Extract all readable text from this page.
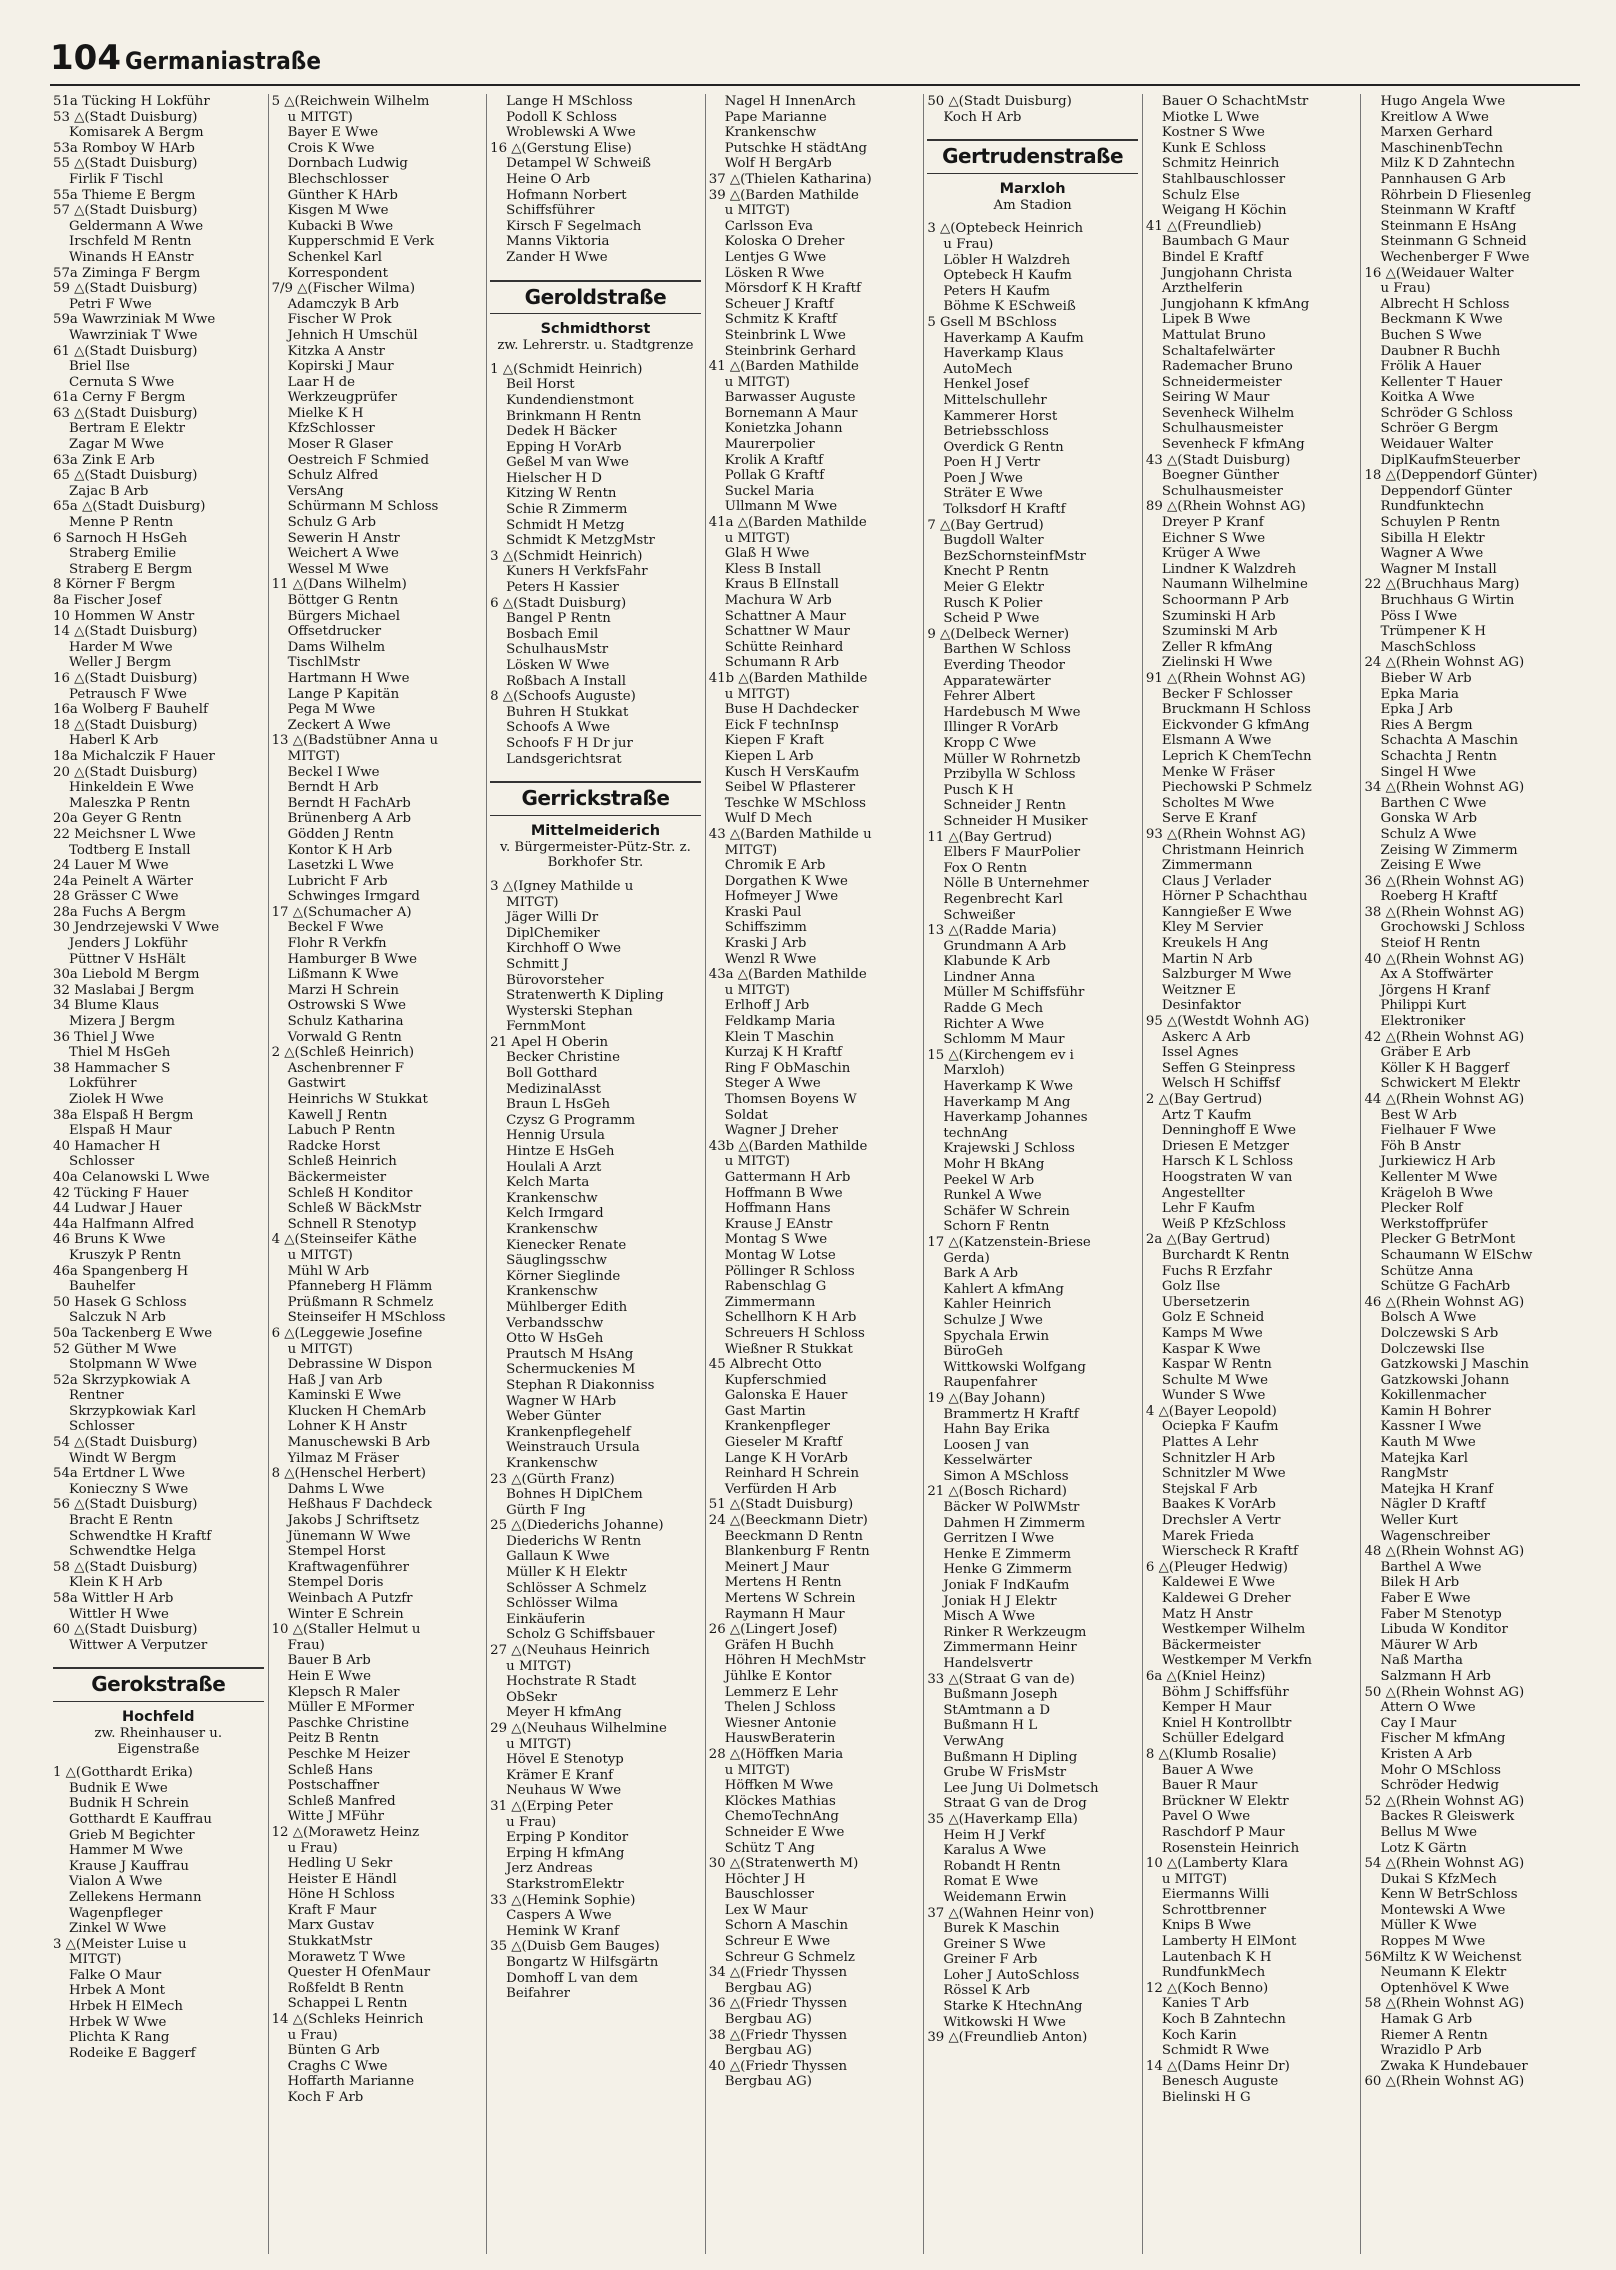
104 Germaniastraße
51a Tücking H Lokführ
53 △(Stadt Duisburg)
Komisarek A Bergm
53a Romboy W HArb
55 △(Stadt Duisburg)
Firlik F Tischl
55a Thieme E Bergm
57 △(Stadt Duisburg)
Geldermann A Wwe
Irschfeld M Rentn
Winands H EAnstr
57a Ziminga F Bergm
59 △(Stadt Duisburg)
Petri F Wwe
59a Wawrziniak M Wwe
Wawrziniak T Wwe
61 △(Stadt Duisburg)
Briel Ilse
Cernuta S Wwe
61a Cerny F Bergm
63 △(Stadt Duisburg)
Bertram E Elektr
Zagar M Wwe
63a Zink E Arb
65 △(Stadt Duisburg)
Zajac B Arb
65a △(Stadt Duisburg)
Menne P Rentn
6 Sarnoch H HsGeh
Straberg Emilie
Straberg E Bergm
8 Körner F Bergm
8a Fischer Josef
10 Hommen W Anstr
14 △(Stadt Duisburg)
Harder M Wwe
Weller J Bergm
16 △(Stadt Duisburg)
Petrausch F Wwe
16a Wolberg F Bauhelf
18 △(Stadt Duisburg)
Haberl K Arb
18a Michalczik F Hauer
20 △(Stadt Duisburg)
Hinkeldein E Wwe
Maleszka P Rentn
20a Geyer G Rentn
22 Meichsner L Wwe
Todtberg E Install
24 Lauer M Wwe
24a Peinelt A Wärter
28 Grässer C Wwe
28a Fuchs A Bergm
30 Jendrzejewski V Wwe
Jenders J Lokführ
Püttner V HsHält
30a Liebold M Bergm
32 Maslabai J Bergm
34 Blume Klaus
Mizera J Bergm
36 Thiel J Wwe
Thiel M HsGeh
38 Hammacher S
Lokführer
Ziolek H Wwe
38a Elspaß H Bergm
Elspaß H Maur
40 Hamacher H
Schlosser
40a Celanowski L Wwe
42 Tücking F Hauer
44 Ludwar J Hauer
44a Halfmann Alfred
46 Bruns K Wwe
Kruszyk P Rentn
46a Spangenberg H
Bauhelfer
50 Hasek G Schloss
Salczuk N Arb
50a Tackenberg E Wwe
52 Güther M Wwe
Stolpmann W Wwe
52a Skrzypkowiak A
Rentner
Skrzypkowiak Karl
Schlosser
54 △(Stadt Duisburg)
Windt W Bergm
54a Ertdner L Wwe
Konieczny S Wwe
56 △(Stadt Duisburg)
Bracht E Rentn
Schwendtke H Kraftf
Schwendtke Helga
58 △(Stadt Duisburg)
Klein K H Arb
58a Wittler H Arb
Wittler H Wwe
60 △(Stadt Duisburg)
Wittwer A Verputzer
Gerokstraße
Hochfeld
zw. Rheinhauser u. Eigenstraße
1 △(Gotthardt Erika)
Budnik E Wwe
Budnik H Schrein
Gotthardt E Kauffrau
Grieb M Begichter
Hammer M Wwe
Krause J Kauffrau
Vialon A Wwe
Zellekens Hermann
Wagenpfleger
Zinkel W Wwe
3 △(Meister Luise u
MITGT)
Falke O Maur
Hrbek A Mont
Hrbek H ElMech
Hrbek W Wwe
Plichta K Rang
Rodeike E Baggerf
5 △(Reichwein Wilhelm
u MITGT)
Bayer E Wwe
Crois K Wwe
Dornbach Ludwig
Blechschlosser
Günther K HArb
Kisgen M Wwe
Kubacki B Wwe
Kupperschmid E Verk
Schenkel Karl
Korrespondent
7/9 △(Fischer Wilma)
Adamczyk B Arb
Fischer W Prok
Jehnich H Umschül
Kitzka A Anstr
Kopirski J Maur
Laar H de
Werkzeugprüfer
Mielke K H
KfzSchlosser
Moser R Glaser
Oestreich F Schmied
Schulz Alfred
VersAng
Schürmann M Schloss
Schulz G Arb
Sewerin H Anstr
Weichert A Wwe
Wessel M Wwe
11 △(Dans Wilhelm)
Böttger G Rentn
Bürgers Michael
Offsetdrucker
Dams Wilhelm
TischlMstr
Hartmann H Wwe
Lange P Kapitän
Pega M Wwe
Zeckert A Wwe
13 △(Badstübner Anna u
MITGT)
Beckel I Wwe
Berndt H Arb
Berndt H FachArb
Brünenberg A Arb
Gödden J Rentn
Kontor K H Arb
Lasetzki L Wwe
Lubricht F Arb
Schwinges Irmgard
17 △(Schumacher A)
Beckel F Wwe
Flohr R Verkfn
Hamburger B Wwe
Lißmann K Wwe
Marzi H Schrein
Ostrowski S Wwe
Schulz Katharina
Vorwald G Rentn
2 △(Schleß Heinrich)
Aschenbrenner F
Gastwirt
Heinrichs W Stukkat
Kawell J Rentn
Labuch P Rentn
Radcke Horst
Schleß Heinrich
Bäckermeister
Schleß H Konditor
Schleß W BäckMstr
Schnell R Stenotyp
4 △(Steinseifer Käthe
u MITGT)
Mühl W Arb
Pfanneberg H Flämm
Prüßmann R Schmelz
Steinseifer H MSchloss
6 △(Leggewie Josefine
u MITGT)
Debrassine W Dispon
Haß J van Arb
Kaminski E Wwe
Klucken H ChemArb
Lohner K H Anstr
Manuschewski B Arb
Yilmaz M Fräser
8 △(Henschel Herbert)
Dahms L Wwe
Heßhaus F Dachdeck
Jakobs J Schriftsetz
Jünemann W Wwe
Stempel Horst
Kraftwagenführer
Stempel Doris
Weinbach A Putzfr
Winter E Schrein
10 △(Staller Helmut u
Frau)
Bauer B Arb
Hein E Wwe
Klepsch R Maler
Müller E MFormer
Paschke Christine
Peitz B Rentn
Peschke M Heizer
Schleß Hans
Postschaffner
Schleß Manfred
Witte J MFühr
12 △(Morawetz Heinz
u Frau)
Hedling U Sekr
Heister E Händl
Höne H Schloss
Kraft F Maur
Marx Gustav
StukkatMstr
Morawetz T Wwe
Quester H OfenMaur
Roßfeldt B Rentn
Schappei L Rentn
14 △(Schleks Heinrich
u Frau)
Bünten G Arb
Craghs C Wwe
Hoffarth Marianne
Koch F Arb
Lange H MSchloss
Podoll K Schloss
Wroblewski A Wwe
16 △(Gerstung Elise)
Detampel W Schweiß
Heine O Arb
Hofmann Norbert
Schiffsführer
Kirsch F Segelmach
Manns Viktoria
Zander H Wwe
Geroldstraße
Schmidthorst
zw. Lehrerstr. u. Stadtgrenze
1 △(Schmidt Heinrich)
Beil Horst
Kundendienstmont
Brinkmann H Rentn
Dedek H Bäcker
Epping H VorArb
Geßel M van Wwe
Hielscher H D
Kitzing W Rentn
Schie R Zimmerm
Schmidt H Metzg
Schmidt K MetzgMstr
3 △(Schmidt Heinrich)
Kuners H VerkfsFahr
Peters H Kassier
6 △(Stadt Duisburg)
Bangel P Rentn
Bosbach Emil
SchulhausMstr
Lösken W Wwe
Roßbach A Install
8 △(Schoofs Auguste)
Buhren H Stukkat
Schoofs A Wwe
Schoofs F H Dr jur
Landsgerichtsrat
Gerrickstraße
Mittelmeiderich
v. Bürgermeister-Pütz-Str. z. Borkhofer Str.
3 △(Igney Mathilde u
MITGT)
Jäger Willi Dr
DiplChemiker
Kirchhoff O Wwe
Schmitt J
Bürovorsteher
Stratenwerth K Dipling
Wysterski Stephan
FernmMont
21 Apel H Oberin
Becker Christine
Boll Gotthard
MedizinalAsst
Braun L HsGeh
Czysz G Programm
Hennig Ursula
Hintze E HsGeh
Houlali A Arzt
Kelch Marta
Krankenschw
Kelch Irmgard
Krankenschw
Kienecker Renate
Säuglingsschw
Körner Sieglinde
Krankenschw
Mühlberger Edith
Verbandsschw
Otto W HsGeh
Prautsch M HsAng
Schermuckenies M
Stephan R Diakonniss
Wagner W HArb
Weber Günter
Krankenpflegehelf
Weinstrauch Ursula
Krankenschw
23 △(Gürth Franz)
Bohnes H DiplChem
Gürth F Ing
25 △(Diederichs Johanne)
Diederichs W Rentn
Gallaun K Wwe
Müller K H Elektr
Schlösser A Schmelz
Schlösser Wilma
Einkäuferin
Scholz G Schiffsbauer
27 △(Neuhaus Heinrich
u MITGT)
Hochstrate R Stadt
ObSekr
Meyer H kfmAng
29 △(Neuhaus Wilhelmine
u MITGT)
Hövel E Stenotyp
Krämer E Kranf
Neuhaus W Wwe
31 △(Erping Peter
u Frau)
Erping P Konditor
Erping H kfmAng
Jerz Andreas
StarkstromElektr
33 △(Hemink Sophie)
Caspers A Wwe
Hemink W Kranf
35 △(Duisb Gem Bauges)
Bongartz W Hilfsgärtn
Domhoff L van dem
Beifahrer
Nagel H InnenArch
Pape Marianne
Krankenschw
Putschke H städtAng
Wolf H BergArb
37 △(Thielen Katharina)
39 △(Barden Mathilde
u MITGT)
Carlsson Eva
Koloska O Dreher
Lentjes G Wwe
Lösken R Wwe
Mörsdorf K H Kraftf
Scheuer J Kraftf
Schmitz K Kraftf
Steinbrink L Wwe
Steinbrink Gerhard
41 △(Barden Mathilde
u MITGT)
Barwasser Auguste
Bornemann A Maur
Konietzka Johann
Maurerpolier
Krolik A Kraftf
Pollak G Kraftf
Suckel Maria
Ullmann M Wwe
41a △(Barden Mathilde
u MITGT)
Glaß H Wwe
Kless B Install
Kraus B ElInstall
Machura W Arb
Schattner A Maur
Schattner W Maur
Schütte Reinhard
Schumann R Arb
41b △(Barden Mathilde
u MITGT)
Buse H Dachdecker
Eick F technInsp
Kiepen F Kraft
Kiepen L Arb
Kusch H VersKaufm
Seibel W Pflasterer
Teschke W MSchloss
Wulf D Mech
43 △(Barden Mathilde u
MITGT)
Chromik E Arb
Dorgathen K Wwe
Hofmeyer J Wwe
Kraski Paul
Schiffszimm
Kraski J Arb
Wenzl R Wwe
43a △(Barden Mathilde
u MITGT)
Erlhoff J Arb
Feldkamp Maria
Klein T Maschin
Kurzaj K H Kraftf
Ring F ObMaschin
Steger A Wwe
Thomsen Boyens W
Soldat
Wagner J Dreher
43b △(Barden Mathilde
u MITGT)
Gattermann H Arb
Hoffmann B Wwe
Hoffmann Hans
Krause J EAnstr
Montag S Wwe
Montag W Lotse
Pöllinger R Schloss
Rabenschlag G
Zimmermann
Schellhorn K H Arb
Schreuers H Schloss
Wießner R Stukkat
45 Albrecht Otto
Kupferschmied
Galonska E Hauer
Gast Martin
Krankenpfleger
Gieseler M Kraftf
Lange K H VorArb
Reinhard H Schrein
Verfürden H Arb
51 △(Stadt Duisburg)
24 △(Beeckmann Dietr)
Beeckmann D Rentn
Blankenburg F Rentn
Meinert J Maur
Mertens H Rentn
Mertens W Schrein
Raymann H Maur
26 △(Lingert Josef)
Gräfen H Buchh
Höhren H MechMstr
Jühlke E Kontor
Lemmerz E Lehr
Thelen J Schloss
Wiesner Antonie
HauswBeraterin
28 △(Höffken Maria
u MITGT)
Höffken M Wwe
Klöckes Mathias
ChemoTechnAng
Schneider E Wwe
Schütz T Ang
30 △(Stratenwerth M)
Höchter J H
Bauschlosser
Lex W Maur
Schorn A Maschin
Schreur E Wwe
Schreur G Schmelz
34 △(Friedr Thyssen
Bergbau AG)
36 △(Friedr Thyssen
Bergbau AG)
38 △(Friedr Thyssen
Bergbau AG)
40 △(Friedr Thyssen
Bergbau AG)
50 △(Stadt Duisburg)
Koch H Arb
Gertrudenstraße
Marxloh
Am Stadion
3 △(Optebeck Heinrich
u Frau)
Löbler H Walzdreh
Optebeck H Kaufm
Peters H Kaufm
Böhme K ESchweiß
5 Gsell M BSchloss
Haverkamp A Kaufm
Haverkamp Klaus
AutoMech
Henkel Josef
Mittelschullehr
Kammerer Horst
Betriebsschloss
Overdick G Rentn
Poen H J Vertr
Poen J Wwe
Sträter E Wwe
Tolksdorf H Kraftf
7 △(Bay Gertrud)
Bugdoll Walter
BezSchornsteinfMstr
Knecht P Rentn
Meier G Elektr
Rusch K Polier
Scheid P Wwe
9 △(Delbeck Werner)
Barthen W Schloss
Everding Theodor
Apparatewärter
Fehrer Albert
Hardebusch M Wwe
Illinger R VorArb
Kropp C Wwe
Müller W Rohrnetzb
Przibylla W Schloss
Pusch K H
Schneider J Rentn
Schneider H Musiker
11 △(Bay Gertrud)
Elbers F MaurPolier
Fox O Rentn
Nölle B Unternehmer
Regenbrecht Karl
Schweißer
13 △(Radde Maria)
Grundmann A Arb
Klabunde K Arb
Lindner Anna
Müller M Schiffsführ
Radde G Mech
Richter A Wwe
Schlomm M Maur
15 △(Kirchengem ev i
Marxloh)
Haverkamp K Wwe
Haverkamp M Ang
Haverkamp Johannes
technAng
Krajewski J Schloss
Mohr H BkAng
Peekel W Arb
Runkel A Wwe
Schäfer W Schrein
Schorn F Rentn
17 △(Katzenstein-Briese
Gerda)
Bark A Arb
Kahlert A kfmAng
Kahler Heinrich
Schulze J Wwe
Spychala Erwin
BüroGeh
Wittkowski Wolfgang
Raupenfahrer
19 △(Bay Johann)
Brammertz H Kraftf
Hahn Bay Erika
Loosen J van
Kesselwärter
Simon A MSchloss
21 △(Bosch Richard)
Bäcker W PolWMstr
Dahmen H Zimmerm
Gerritzen I Wwe
Henke E Zimmerm
Henke G Zimmerm
Joniak F IndKaufm
Joniak H J Elektr
Misch A Wwe
Rinker R Werkzeugm
Zimmermann Heinr
Handelsvertr
33 △(Straat G van de)
Bußmann Joseph
StAmtmann a D
Bußmann H L
VerwAng
Bußmann H Dipling
Grube W FrisMstr
Lee Jung Ui Dolmetsch
Straat G van de Drog
35 △(Haverkamp Ella)
Heim H J Verkf
Karalus A Wwe
Robandt H Rentn
Romat E Wwe
Weidemann Erwin
37 △(Wahnen Heinr von)
Burek K Maschin
Greiner S Wwe
Greiner F Arb
Loher J AutoSchloss
Rössel K Arb
Starke K HtechnAng
Witkowski H Wwe
39 △(Freundlieb Anton)
Bauer O SchachtMstr
Miotke L Wwe
Kostner S Wwe
Kunk E Schloss
Schmitz Heinrich
Stahlbauschlosser
Schulz Else
Weigang H Köchin
41 △(Freundlieb)
Baumbach G Maur
Bindel E Kraftf
Jungjohann Christa
Arzthelferin
Jungjohann K kfmAng
Lipek B Wwe
Mattulat Bruno
Schaltafelwärter
Rademacher Bruno
Schneidermeister
Seiring W Maur
Sevenheck Wilhelm
Schulhausmeister
Sevenheck F kfmAng
43 △(Stadt Duisburg)
Boegner Günther
Schulhausmeister
89 △(Rhein Wohnst AG)
Dreyer P Kranf
Eichner S Wwe
Krüger A Wwe
Lindner K Walzdreh
Naumann Wilhelmine
Schoormann P Arb
Szuminski H Arb
Szuminski M Arb
Zeller R kfmAng
Zielinski H Wwe
91 △(Rhein Wohnst AG)
Becker F Schlosser
Bruckmann H Schloss
Eickvonder G kfmAng
Elsmann A Wwe
Leprich K ChemTechn
Menke W Fräser
Piechowski P Schmelz
Scholtes M Wwe
Serve E Kranf
93 △(Rhein Wohnst AG)
Christmann Heinrich
Zimmermann
Claus J Verlader
Hörner P Schachthau
Kanngießer E Wwe
Kley M Servier
Kreukels H Ang
Martin N Arb
Salzburger M Wwe
Weitzner E
Desinfaktor
95 △(Westdt Wohnh AG)
Askerc A Arb
Issel Agnes
Seffen G Steinpress
Welsch H Schiffsf
2 △(Bay Gertrud)
Artz T Kaufm
Denninghoff E Wwe
Driesen E Metzger
Harsch K L Schloss
Hoogstraten W van
Angestellter
Lehr F Kaufm
Weiß P KfzSchloss
2a △(Bay Gertrud)
Burchardt K Rentn
Fuchs R Erzfahr
Golz Ilse
Übersetzerin
Golz E Schneid
Kamps M Wwe
Kaspar K Wwe
Kaspar W Rentn
Schulte M Wwe
Wunder S Wwe
4 △(Bayer Leopold)
Ociepka F Kaufm
Plattes A Lehr
Schnitzler H Arb
Schnitzler M Wwe
Stejskal F Arb
Baakes K VorArb
Drechsler A Vertr
Marek Frieda
Wierscheck R Kraftf
6 △(Pleuger Hedwig)
Kaldewei E Wwe
Kaldewei G Dreher
Matz H Anstr
Westkemper Wilhelm
Bäckermeister
Westkemper M Verkfn
6a △(Kniel Heinz)
Böhm J Schiffsführ
Kemper H Maur
Kniel H Kontrollbtr
Schüller Edelgard
8 △(Klumb Rosalie)
Bauer A Wwe
Bauer R Maur
Brückner W Elektr
Pavel O Wwe
Raschdorf P Maur
Rosenstein Heinrich
10 △(Lamberty Klara
u MITGT)
Eiermanns Willi
Schrottbrenner
Knips B Wwe
Lamberty H ElMont
Lautenbach K H
RundfunkMech
12 △(Koch Benno)
Kanies T Arb
Koch B Zahntechn
Koch Karin
Schmidt R Wwe
14 △(Dams Heinr Dr)
Benesch Auguste
Bielinski H G
Hugo Angela Wwe
Kreitlow A Wwe
Marxen Gerhard
MaschinenbTechn
Milz K D Zahntechn
Pannhausen G Arb
Röhrbein D Fliesenleg
Steinmann W Kraftf
Steinmann E HsAng
Steinmann G Schneid
Wechenberger F Wwe
16 △(Weidauer Walter
u Frau)
Albrecht H Schloss
Beckmann K Wwe
Buchen S Wwe
Daubner R Buchh
Frölik A Hauer
Kellenter T Hauer
Koitka A Wwe
Schröder G Schloss
Schröer G Bergm
Weidauer Walter
DiplKaufmSteuerber
18 △(Deppendorf Günter)
Deppendorf Günter
Rundfunktechn
Schuylen P Rentn
Sibilla H Elektr
Wagner A Wwe
Wagner M Install
22 △(Bruchhaus Marg)
Bruchhaus G Wirtin
Pöss I Wwe
Trümpener K H
MaschSchloss
24 △(Rhein Wohnst AG)
Bieber W Arb
Epka Maria
Epka J Arb
Ries A Bergm
Schachta A Maschin
Schachta J Rentn
Singel H Wwe
34 △(Rhein Wohnst AG)
Barthen C Wwe
Gonska W Arb
Schulz A Wwe
Zeising W Zimmerm
Zeising E Wwe
36 △(Rhein Wohnst AG)
Roeberg H Kraftf
38 △(Rhein Wohnst AG)
Grochowski J Schloss
Steiof H Rentn
40 △(Rhein Wohnst AG)
Ax A Stoffwärter
Jörgens H Kranf
Philippi Kurt
Elektroniker
42 △(Rhein Wohnst AG)
Gräber E Arb
Köller K H Baggerf
Schwickert M Elektr
44 △(Rhein Wohnst AG)
Best W Arb
Fielhauer F Wwe
Föh B Anstr
Jurkiewicz H Arb
Kellenter M Wwe
Krägeloh B Wwe
Plecker Rolf
Werkstoffprüfer
Plecker G BetrMont
Schaumann W ElSchw
Schütze Anna
Schütze G FachArb
46 △(Rhein Wohnst AG)
Bolsch A Wwe
Dolczewski S Arb
Dolczewski Ilse
Gatzkowski J Maschin
Gatzkowski Johann
Kokillenmacher
Kamin H Bohrer
Kassner I Wwe
Kauth M Wwe
Matejka Karl
RangMstr
Matejka H Kranf
Nägler D Kraftf
Weller Kurt
Wagenschreiber
48 △(Rhein Wohnst AG)
Barthel A Wwe
Bilek H Arb
Faber E Wwe
Faber M Stenotyp
Libuda W Konditor
Mäurer W Arb
Naß Martha
Salzmann H Arb
50 △(Rhein Wohnst AG)
Attern O Wwe
Cay I Maur
Fischer M kfmAng
Kristen A Arb
Mohr O MSchloss
Schröder Hedwig
52 △(Rhein Wohnst AG)
Backes R Gleiswerk
Bellus M Wwe
Lotz K Gärtn
54 △(Rhein Wohnst AG)
Dukai S KfzMech
Kenn W BetrSchloss
Montewski A Wwe
Müller K Wwe
Roppes M Wwe
56Miltz K W Weichenst
Neumann K Elektr
Optenhövel K Wwe
58 △(Rhein Wohnst AG)
Hamak G Arb
Riemer A Rentn
Wrazidlo P Arb
Zwaka K Hundebauer
60 △(Rhein Wohnst AG)
